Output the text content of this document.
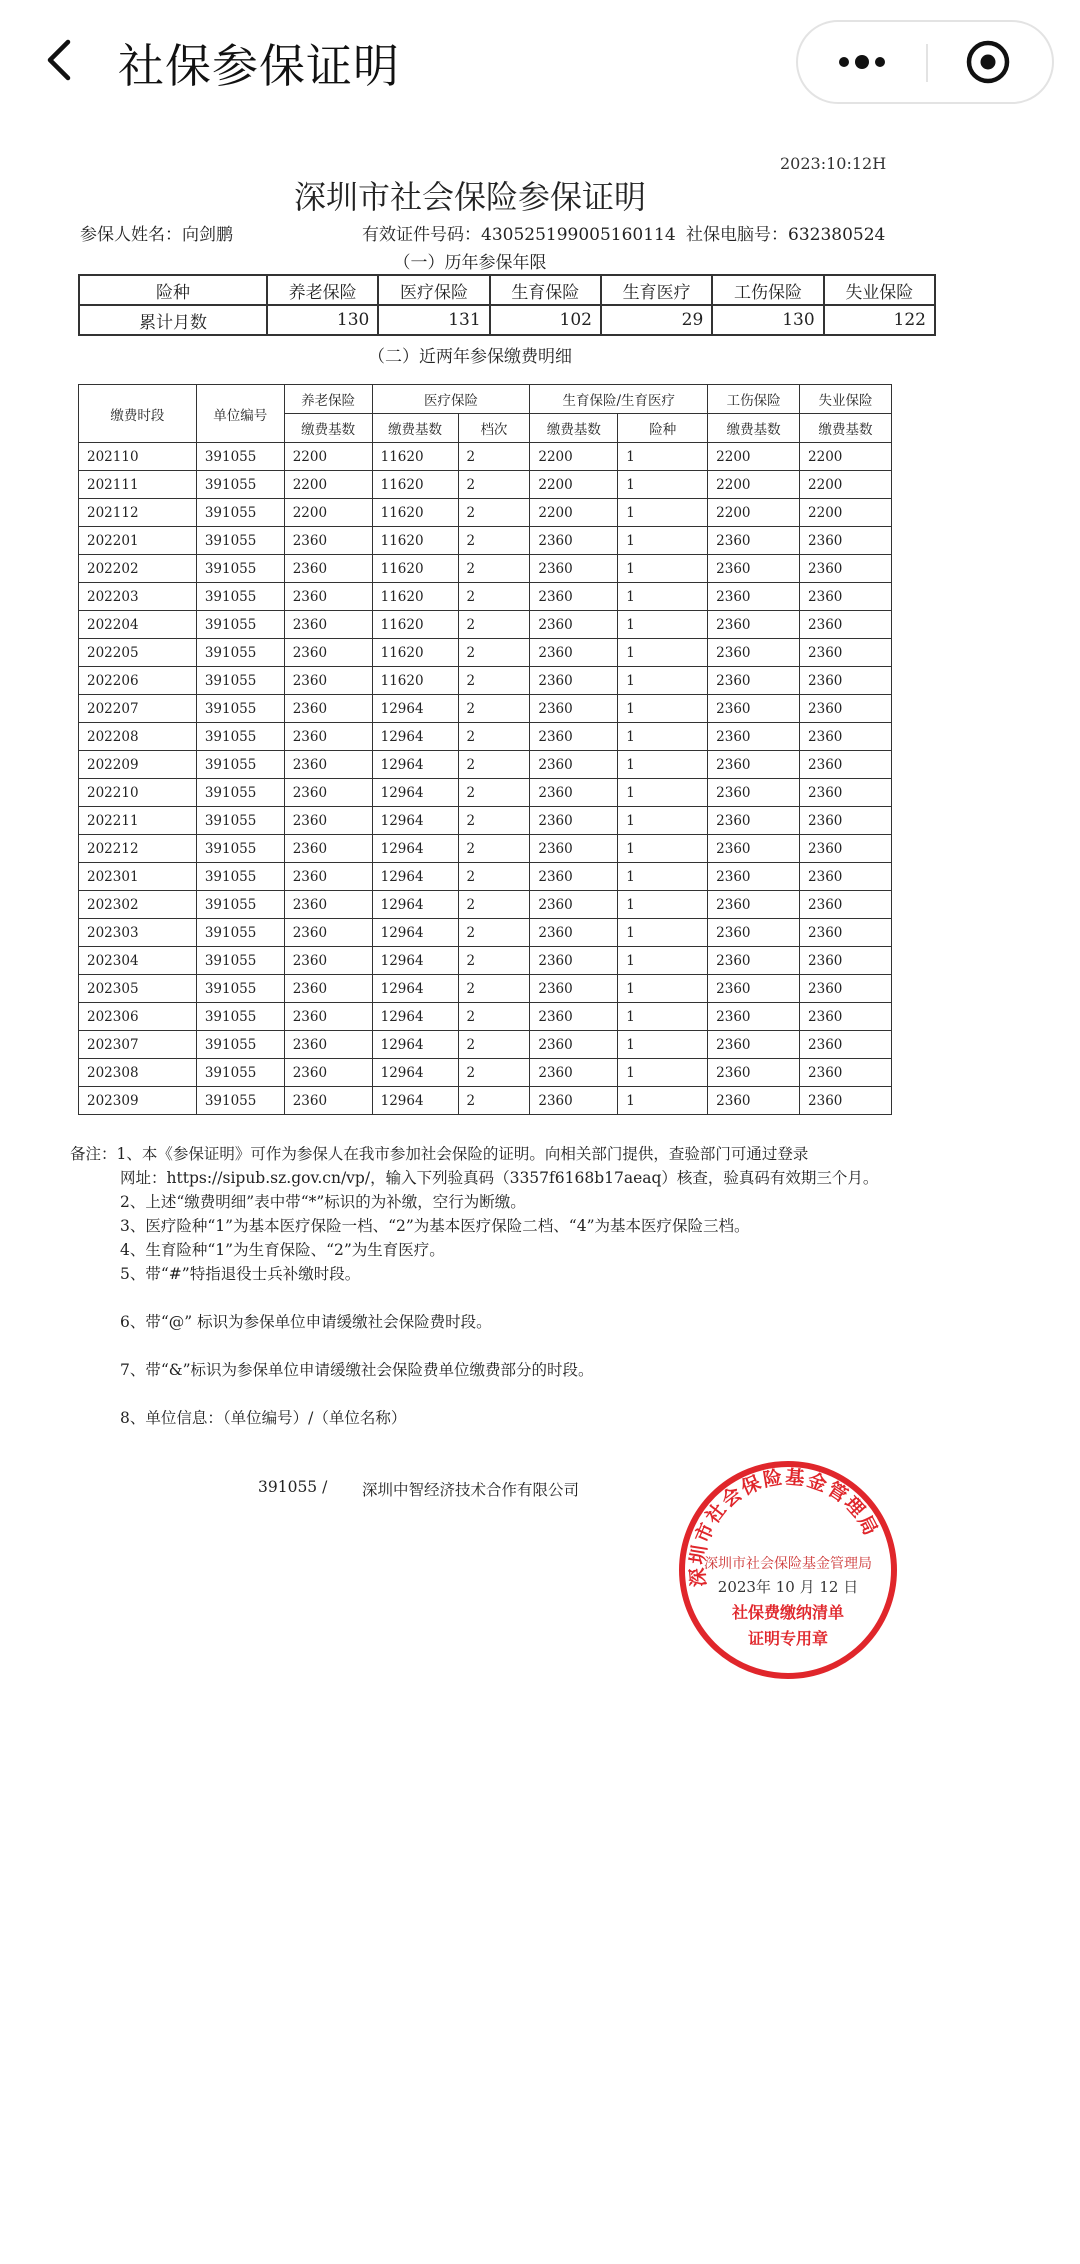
社保参保证明
2023:10:12H
深圳市社会保险参保证明
参保人姓名：向剑鹏	有效证件号码：430525199005160114 社保电脑号：632380524
（一）历年参保年限
险种	养老保险	医疗保险	生育保险	生育医疗	工伤保险	失业保险
累计月数	130	131	102	29	130	122
（二）近两年参保缴费明细
缴费时段	单位编号	养老保险	医疗保险		生育保险/生育医疗		工伤保险	失业保险
		缴费基数	缴费基数	档次	缴费基数	险种	缴费基数	缴费基数
202110	391055	2200	11620	2	2200	1	2200	2200
202111	391055	2200	11620	2	2200	1	2200	2200
202112	391055	2200	11620	2	2200	1	2200	2200
202201	391055	2360	11620	2	2360	1	2360	2360
202202	391055	2360	11620	2	2360	1	2360	2360
202203	391055	2360	11620	2	2360	1	2360	2360
202204	391055	2360	11620	2	2360	1	2360	2360
202205	391055	2360	11620	2	2360	1	2360	2360
202206	391055	2360	11620	2	2360	1	2360	2360
202207	391055	2360	12964	2	2360	1	2360	2360
202208	391055	2360	12964	2	2360	1	2360	2360
202209	391055	2360	12964	2	2360	1	2360	2360
202210	391055	2360	12964	2	2360	1	2360	2360
202211	391055	2360	12964	2	2360	1	2360	2360
202212	391055	2360	12964	2	2360	1	2360	2360
202301	391055	2360	12964	2	2360	1	2360	2360
202302	391055	2360	12964	2	2360	1	2360	2360
202303	391055	2360	12964	2	2360	1	2360	2360
202304	391055	2360	12964	2	2360	1	2360	2360
202305	391055	2360	12964	2	2360	1	2360	2360
202306	391055	2360	12964	2	2360	1	2360	2360
202307	391055	2360	12964	2	2360	1	2360	2360
202308	391055	2360	12964	2	2360	1	2360	2360
202309	391055	2360	12964	2	2360	1	2360	2360
备注：1、本《参保证明》可作为参保人在我市参加社会保险的证明。向相关部门提供，查验部门可通过登录
网址：https://sipub.sz.gov.cn/vp/，输入下列验真码（3357f6168b17aeaq）核查，验真码有效期三个月。
2、上述“缴费明细”表中带“*”标识的为补缴，空行为断缴。
3、医疗险种“1”为基本医疗保险一档、“2”为基本医疗保险二档、“4”为基本医疗保险三档。
4、生育险种“1”为生育保险、“2”为生育医疗。
5、带“#”特指退役士兵补缴时段。
6、带“@” 标识为参保单位申请缓缴社会保险费时段。
7、带“&”标识为参保单位申请缓缴社会保险费单位缴费部分的时段。
8、单位信息：（单位编号）/（单位名称）
391055 / 深圳中智经济技术合作有限公司
深圳市社会保险基金管理局
深圳市社会保险基金管理局
2023年 10 月 12 日
社保费缴纳清单
证明专用章
